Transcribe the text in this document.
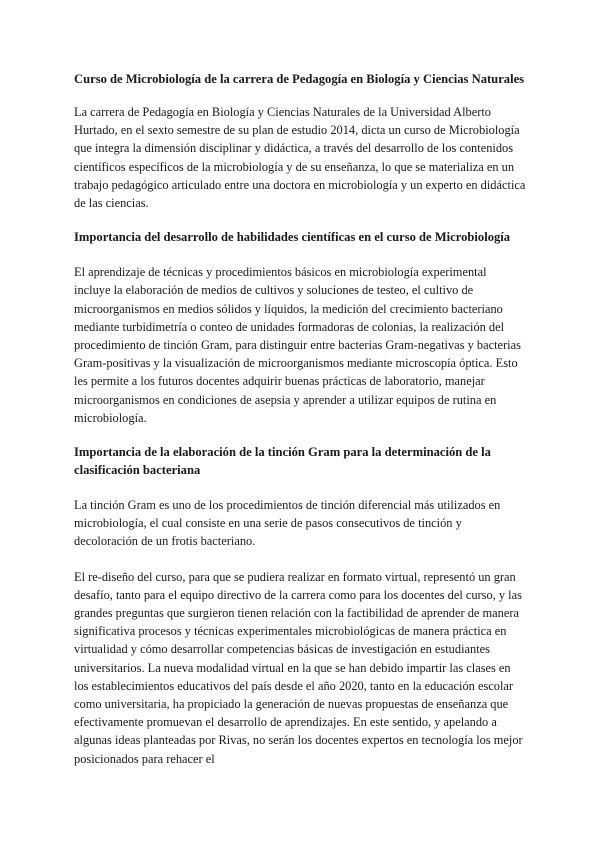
Curso de Microbiología de la carrera de Pedagogía en Biología y Ciencias Naturales

La carrera de Pedagogía en Biología y Ciencias Naturales de la Universidad Alberto Hurtado, en el sexto semestre de su plan de estudio 2014, dicta un curso de Microbiología que integra la dimensión disciplinar y didáctica, a través del desarrollo de los contenidos científicos específicos de la microbiología y de su enseñanza, lo que se materializa en un trabajo pedagógico articulado entre una doctora en microbiología y un experto en didáctica de las ciencias.

Importancia del desarrollo de habilidades científicas en el curso de Microbiología

El aprendizaje de técnicas y procedimientos básicos en microbiología experimental incluye la elaboración de medios de cultivos y soluciones de testeo, el cultivo de microorganismos en medios sólidos y líquidos, la medición del crecimiento bacteriano mediante turbidimetría o conteo de unidades formadoras de colonias, la realización del procedimiento de tinción Gram, para distinguir entre bacterias Gram-negativas y bacterias Gram-positivas y la visualización de microorganismos mediante microscopía óptica. Esto les permite a los futuros docentes adquirir buenas prácticas de laboratorio, manejar microorganismos en condiciones de asepsia y aprender a utilizar equipos de rutina en microbiología.

Importancia de la elaboración de la tinción Gram para la determinación de la clasificación bacteriana

La tinción Gram es uno de los procedimientos de tinción diferencial más utilizados en microbiología, el cual consiste en una serie de pasos consecutivos de tinción y decoloración de un frotis bacteriano.

El re-diseño del curso, para que se pudiera realizar en formato virtual, representó un gran desafío, tanto para el equipo directivo de la carrera como para los docentes del curso, y las grandes preguntas que surgieron tienen relación con la factibilidad de aprender de manera significativa procesos y técnicas experimentales microbiológicas de manera práctica en virtualidad y cómo desarrollar competencias básicas de investigación en estudiantes universitarios. La nueva modalidad virtual en la que se han debido impartir las clases en los establecimientos educativos del país desde el año 2020, tanto en la educación escolar como universitaria, ha propiciado la generación de nuevas propuestas de enseñanza que efectivamente promuevan el desarrollo de aprendizajes. En este sentido, y apelando a algunas ideas planteadas por Rivas, no serán los docentes expertos en tecnología los mejor posicionados para rehacer el
